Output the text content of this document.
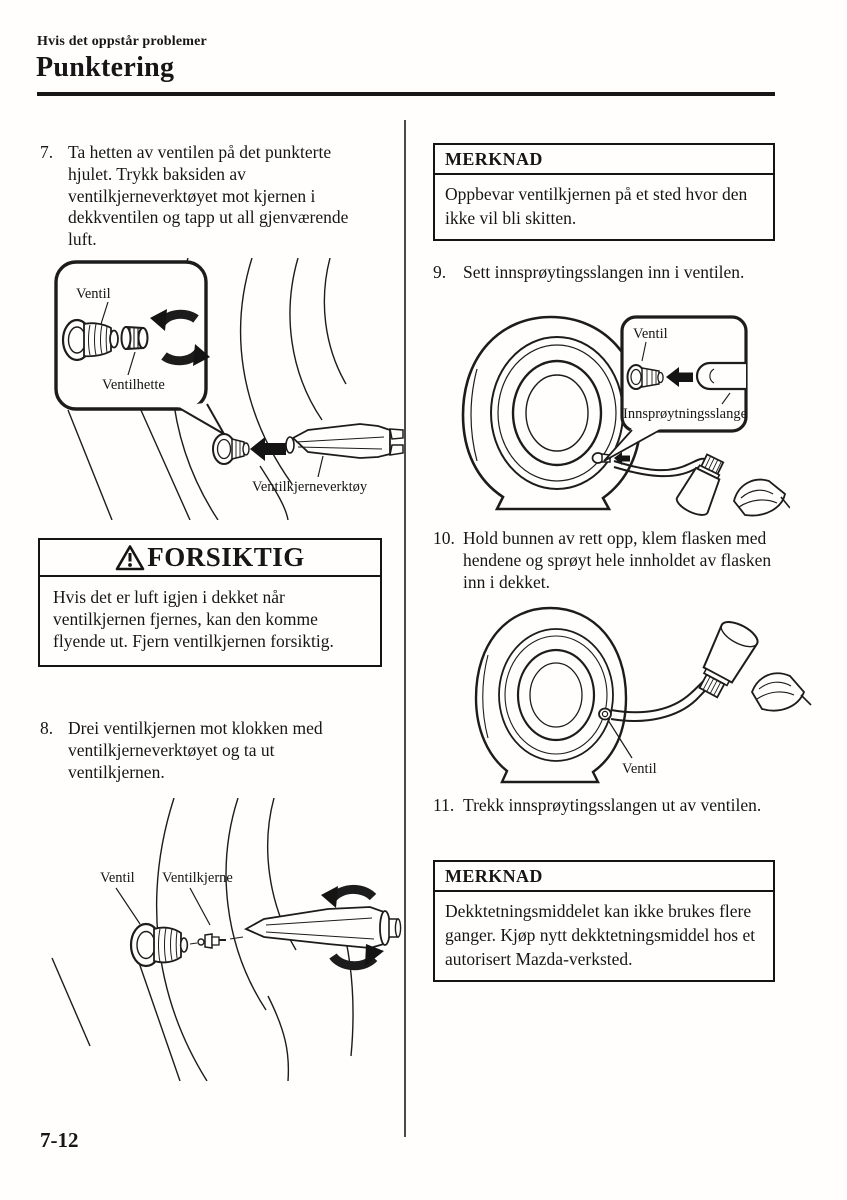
Hvis det oppstår problemer
Punktering
7. Ta hetten av ventilen på det punkterte hjulet. Trykk baksiden av ventilkjerneverktøyet mot kjernen i dekkventilen og tapp ut all gjenværende luft.
Ventil
Ventilhette
Ventilkjerneverktøy
FORSIKTIG
Hvis det er luft igjen i dekket når ventilkjernen fjernes, kan den komme flyende ut. Fjern ventilkjernen forsiktig.
8. Drei ventilkjernen mot klokken med ventilkjerneverktøyet og ta ut ventilkjernen.
Ventil Ventilkjerne
MERKNAD
Oppbevar ventilkjernen på et sted hvor den ikke vil bli skitten.
9. Sett innsprøytingsslangen inn i ventilen.
Ventil
Innsprøytningsslange
10. Hold bunnen av rett opp, klem flasken med hendene og sprøyt hele innholdet av flasken inn i dekket.
Ventil
11. Trekk innsprøytingsslangen ut av ventilen.
MERKNAD
Dekktetningsmiddelet kan ikke brukes flere ganger. Kjøp nytt dekktetningsmiddel hos et autorisert Mazda-verksted.
7-12
